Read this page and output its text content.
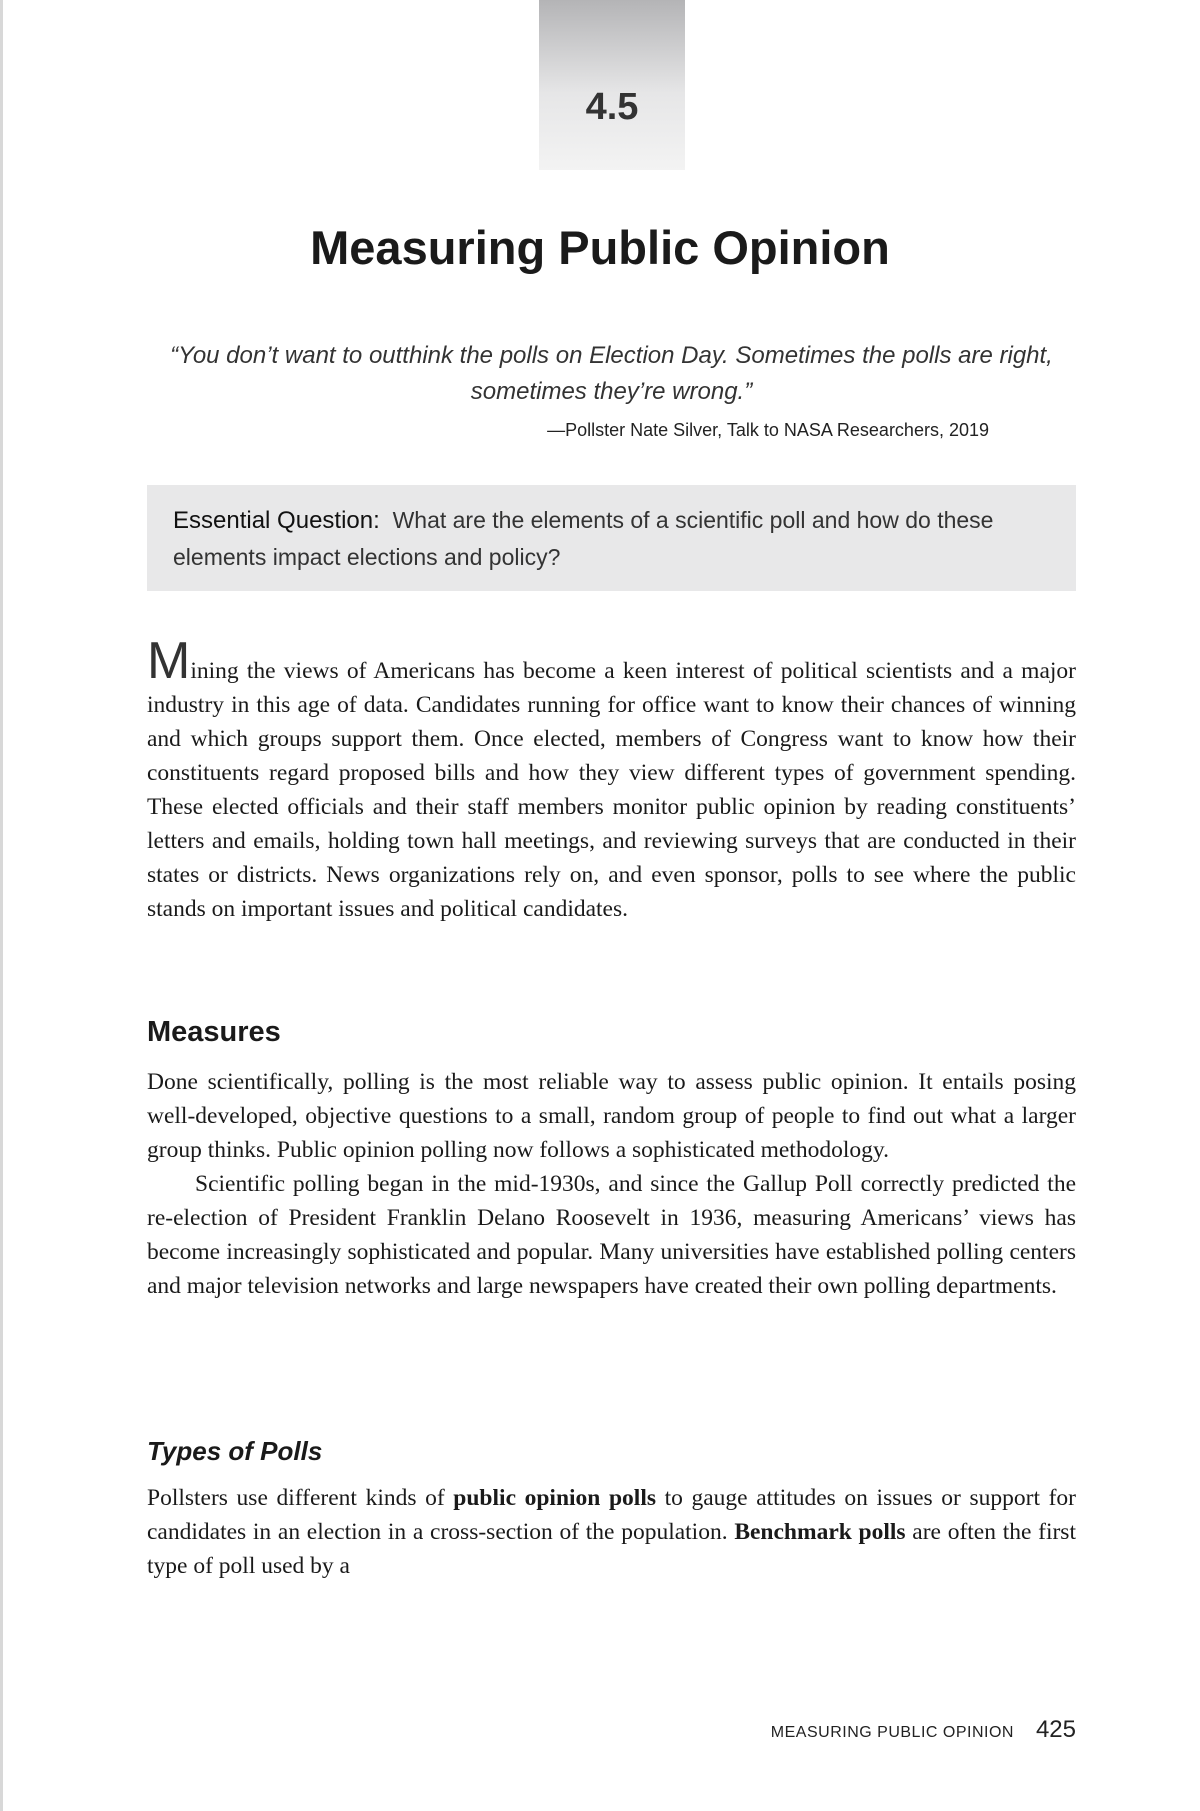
4.5
Measuring Public Opinion
“You don’t want to outthink the polls on Election Day. Sometimes the polls are right, sometimes they’re wrong.”
—Pollster Nate Silver, Talk to NASA Researchers, 2019
Essential Question: What are the elements of a scientific poll and how do these elements impact elections and policy?

Mining the views of Americans has become a keen interest of political scientists and a major industry in this age of data. Candidates running for office want to know their chances of winning and which groups support them. Once elected, members of Congress want to know how their constituents regard proposed bills and how they view different types of government spending. These elected officials and their staff members monitor public opinion by reading constituents’ letters and emails, holding town hall meetings, and reviewing surveys that are conducted in their states or districts. News organizations rely on, and even sponsor, polls to see where the public stands on important issues and political candidates.

Measures

Done scientifically, polling is the most reliable way to assess public opinion. It entails posing well-developed, objective questions to a small, random group of people to find out what a larger group thinks. Public opinion polling now follows a sophisticated methodology.

Scientific polling began in the mid-1930s, and since the Gallup Poll correctly predicted the re-election of President Franklin Delano Roosevelt in 1936, measuring Americans’ views has become increasingly sophisticated and popular. Many universities have established polling centers and major television networks and large newspapers have created their own polling departments.

Types of Polls

Pollsters use different kinds of public opinion polls to gauge attitudes on issues or support for candidates in an election in a cross-section of the population. Benchmark polls are often the first type of poll used by a

MEASURING PUBLIC OPINION 425
